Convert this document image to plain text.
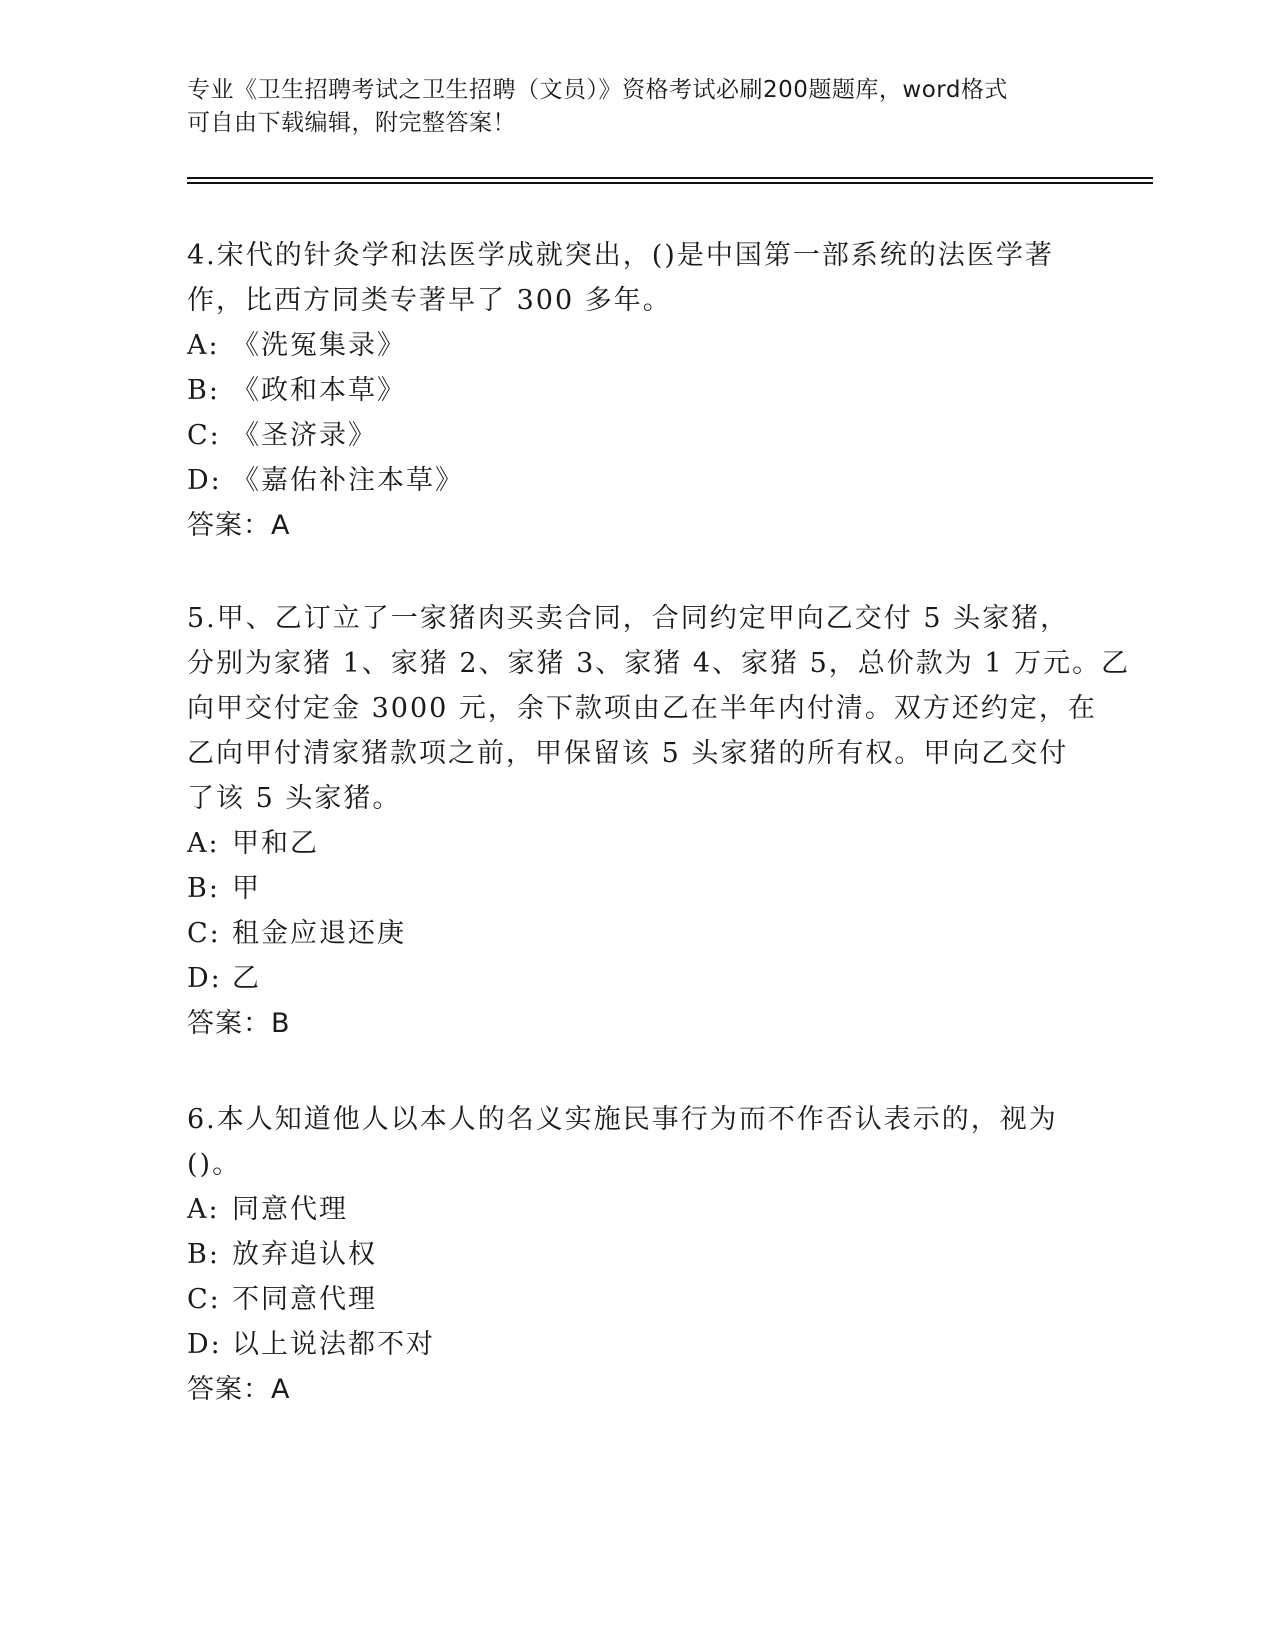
专业《卫生招聘考试之卫生招聘（文员）》资格考试必刷200题题库，word格式
可自由下载编辑，附完整答案！
4.宋代的针灸学和法医学成就突出，()是中国第一部系统的法医学著
作，比西方同类专著早了 300 多年。
A: 《洗冤集录》
B: 《政和本草》
C: 《圣济录》
D: 《嘉佑补注本草》
答案：A
5.甲、乙订立了一家猪肉买卖合同，合同约定甲向乙交付 5 头家猪，
分别为家猪 1、家猪 2、家猪 3、家猪 4、家猪 5，总价款为 1 万元。乙
向甲交付定金 3000 元，余下款项由乙在半年内付清。双方还约定，在
乙向甲付清家猪款项之前，甲保留该 5 头家猪的所有权。甲向乙交付
了该 5 头家猪。
A: 甲和乙
B: 甲
C: 租金应退还庚
D: 乙
答案：B
6.本人知道他人以本人的名义实施民事行为而不作否认表示的，视为
()。
A: 同意代理
B: 放弃追认权
C: 不同意代理
D: 以上说法都不对
答案：A
